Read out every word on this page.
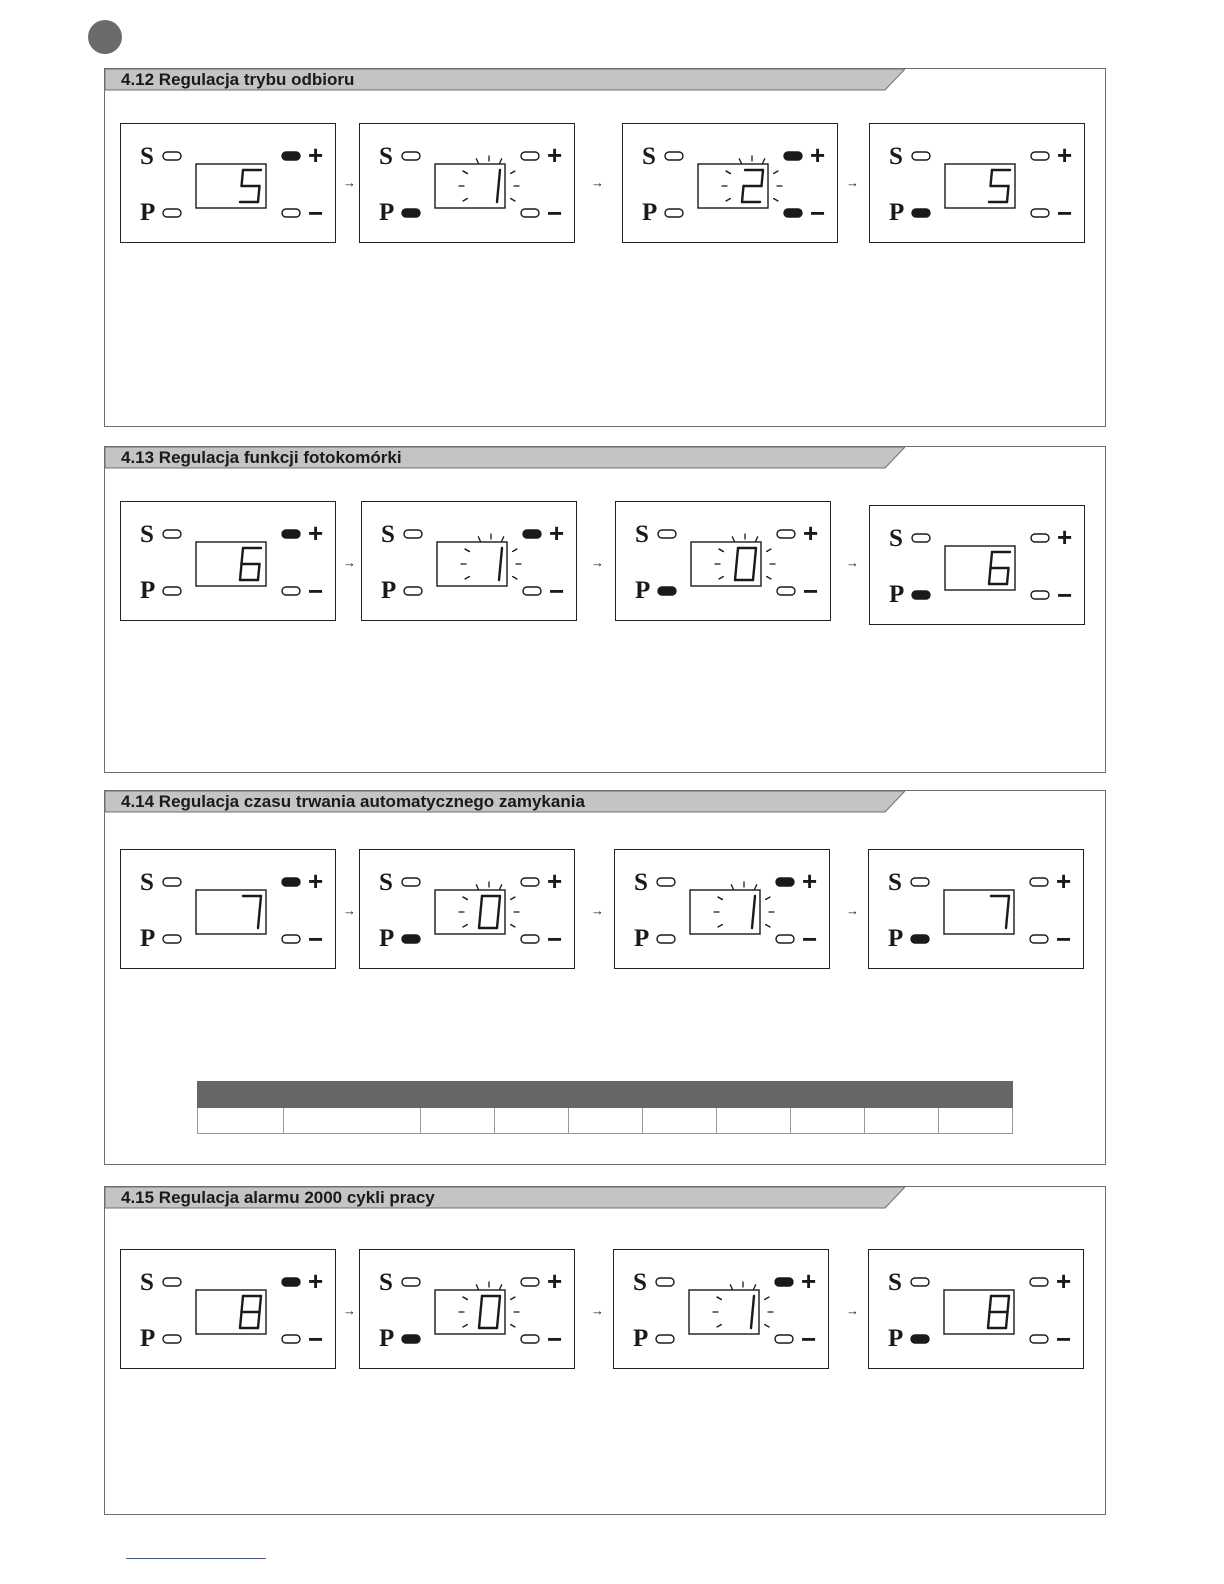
4.12 Regulacja trybu odbioru
S
P
+
−
→
S
P
+
−
→
S
P
+
−
→
S
P
+
−
4.13 Regulacja funkcji fotokomórki
S
P
+
−
→
S
P
+
−
→
S
P
+
−
→
S
P
+
−
4.14 Regulacja czasu trwania automatycznego zamykania
S
P
+
−
→
S
P
+
−
→
S
P
+
−
→
S
P
+
−

4.15 Regulacja alarmu 2000 cykli pracy
S
P
+
−
→
S
P
+
−
→
S
P
+
−
→
S
P
+
−
